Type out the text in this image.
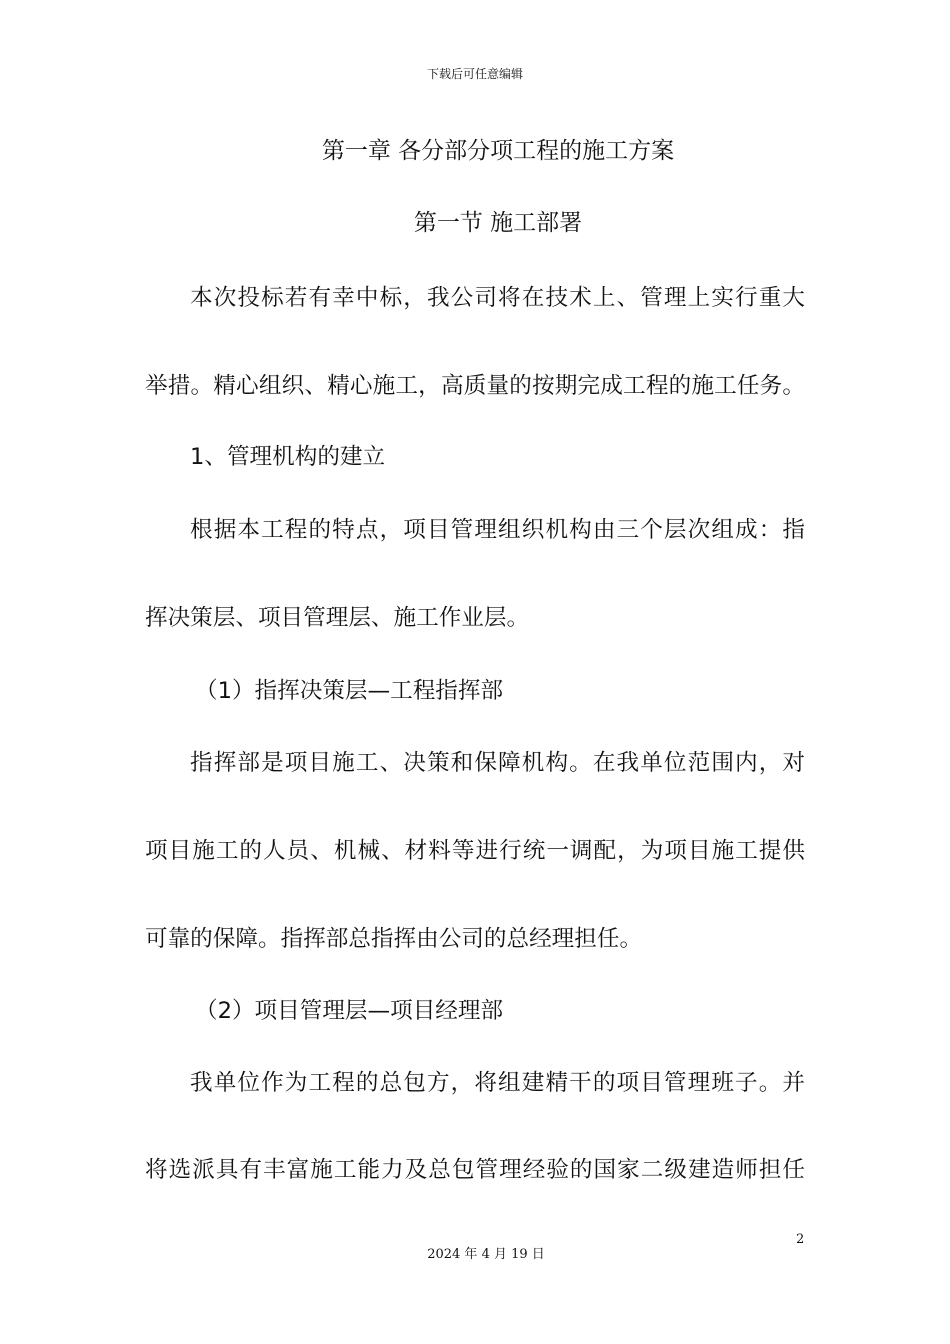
下载后可任意编辑
第一章 各分部分项工程的施工方案
第一节 施工部署
本次投标若有幸中标，我公司将在技术上、管理上实行重大
举措。精心组织、精心施工，高质量的按期完成工程的施工任务。
1、管理机构的建立
根据本工程的特点，项目管理组织机构由三个层次组成：指
挥决策层、项目管理层、施工作业层。
（1）指挥决策层—工程指挥部
指挥部是项目施工、决策和保障机构。在我单位范围内，对
项目施工的人员、机械、材料等进行统一调配，为项目施工提供
可靠的保障。指挥部总指挥由公司的总经理担任。
（2）项目管理层—项目经理部
我单位作为工程的总包方，将组建精干的项目管理班子。并
将选派具有丰富施工能力及总包管理经验的国家二级建造师担任
2
2024 年 4 月 19 日
